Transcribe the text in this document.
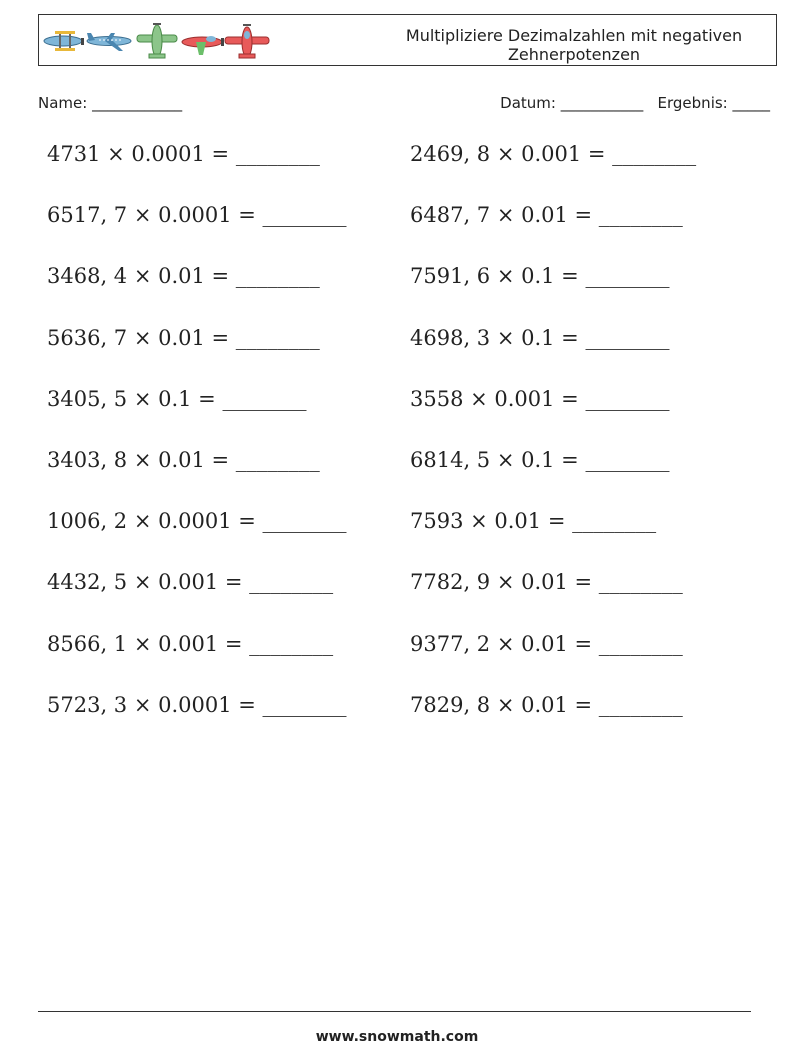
Multipliziere Dezimalzahlen mit negativen
Zehnerpotenzen
Name: ____________	Datum: ___________ Ergebnis: _____
4731 × 0.0001 = ________	2469, 8 × 0.001 = ________
6517, 7 × 0.0001 = ________	6487, 7 × 0.01 = ________
3468, 4 × 0.01 = ________	7591, 6 × 0.1 = ________
5636, 7 × 0.01 = ________	4698, 3 × 0.1 = ________
3405, 5 × 0.1 = ________	3558 × 0.001 = ________
3403, 8 × 0.01 = ________	6814, 5 × 0.1 = ________
1006, 2 × 0.0001 = ________	7593 × 0.01 = ________
4432, 5 × 0.001 = ________	7782, 9 × 0.01 = ________
8566, 1 × 0.001 = ________	9377, 2 × 0.01 = ________
5723, 3 × 0.0001 = ________	7829, 8 × 0.01 = ________
www.snowmath.com
